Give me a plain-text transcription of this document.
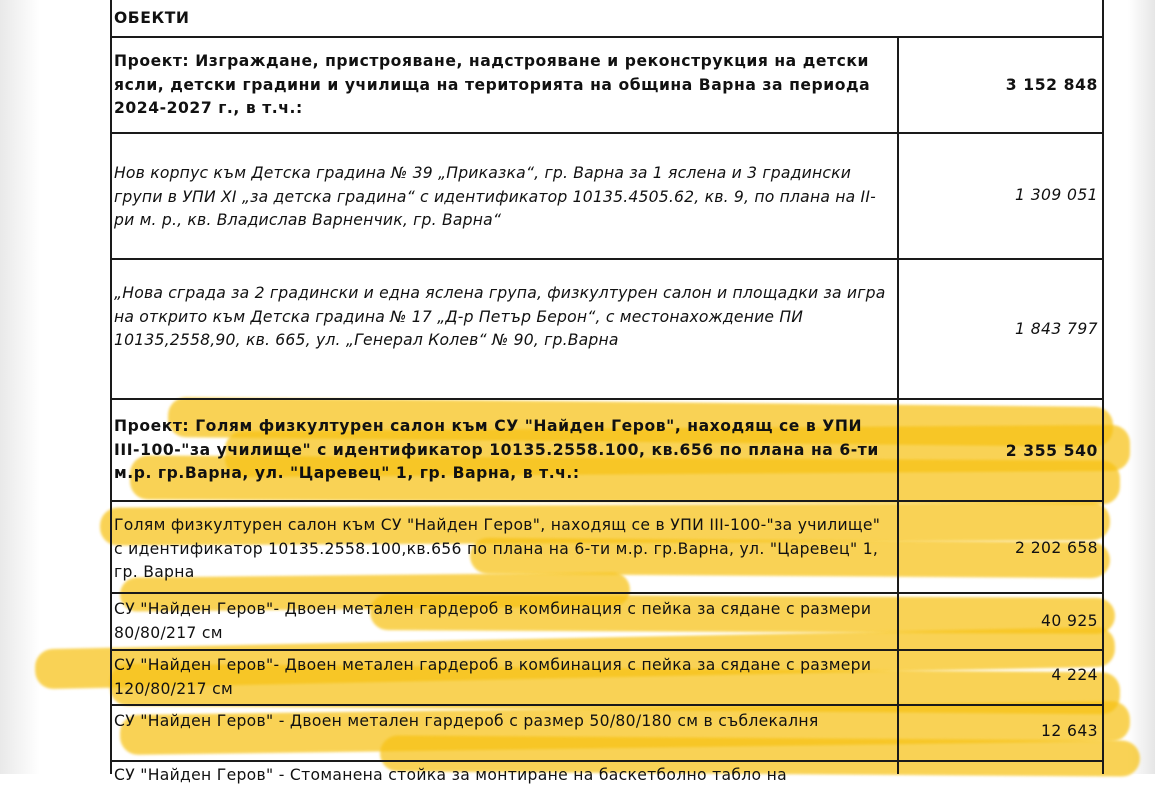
ОБЕКТИ
Проект: Изграждане, пристрояване, надстрояване и реконструкция на детски ясли, детски градини и училища на територията на община Варна за периода 2024-2027 г., в т.ч.:
3 152 848
Нов корпус към Детска градина № 39 „Приказка“, гр. Варна за 1 яслена и 3 градински групи в УПИ XI „за детска градина“ с идентификатор 10135.4505.62, кв. 9, по плана на II-ри м. р., кв. Владислав Варненчик, гр. Варна“
1 309 051
„Нова сграда за 2 градински и една яслена група, физкултурен салон и площадки за игра на открито към Детска градина № 17 „Д-р Петър Берон“, с местонахождение ПИ 10135,2558,90, кв. 665, ул. „Генерал Колев“ № 90, гр.Варна
1 843 797
Проект: Голям физкултурен салон към СУ "Найден Геров", находящ се в УПИ III-100-"за училище" с идентификатор 10135.2558.100, кв.656 по плана на 6-ти м.р. гр.Варна, ул. "Царевец" 1, гр. Варна, в т.ч.:
2 355 540
Голям физкултурен салон към СУ "Найден Геров", находящ се в УПИ III-100-"за училище" с идентификатор 10135.2558.100,кв.656 по плана на 6-ти м.р. гр.Варна, ул. "Царевец" 1, гр. Варна
2 202 658
СУ "Найден Геров"- Двоен метален гардероб в комбинация с пейка за сядане с размери 80/80/217 см
40 925
СУ "Найден Геров"- Двоен метален гардероб в комбинация с пейка за сядане с размери 120/80/217 см
4 224
СУ "Найден Геров" - Двоен метален гардероб с размер 50/80/180 см в съблекалня
12 643
СУ "Найден Геров" - Стоманена стойка за монтиране на баскетболно табло на
